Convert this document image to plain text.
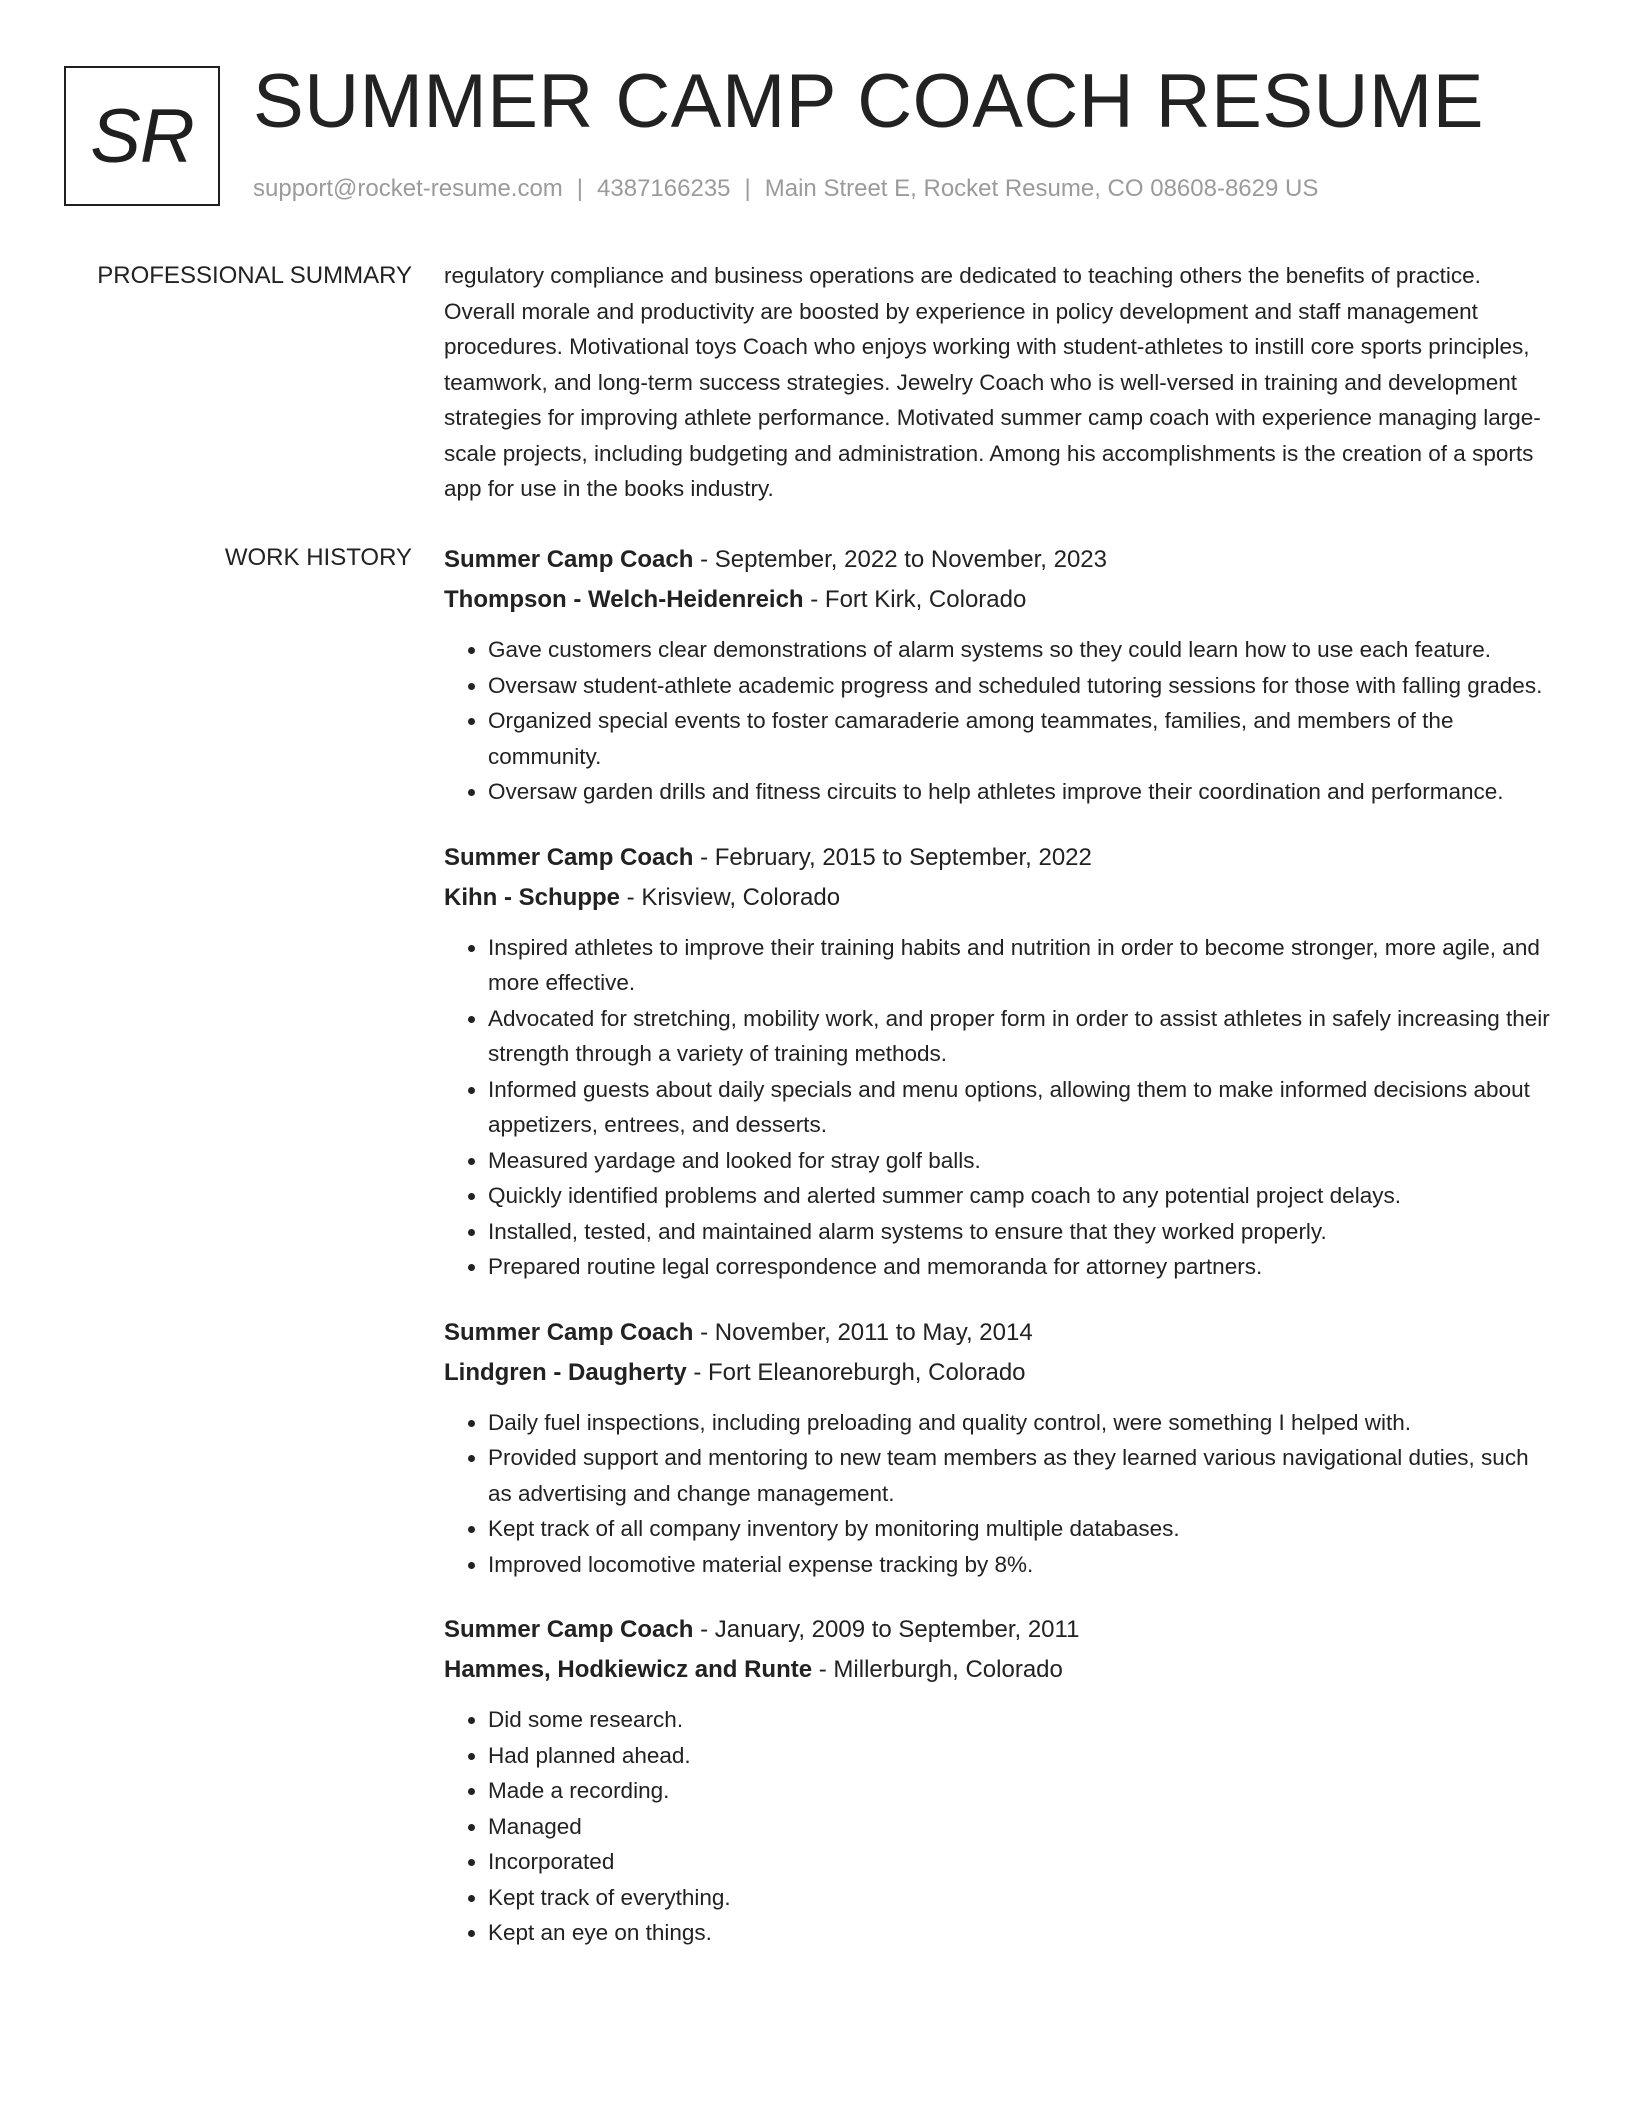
SR SUMMER CAMP COACH RESUME
support@rocket-resume.com | 4387166235 | Main Street E, Rocket Resume, CO 08608-8629 US
PROFESSIONAL SUMMARY regulatory compliance and business operations are dedicated to teaching others the benefits of practice. Overall morale and productivity are boosted by experience in policy development and staff management procedures. Motivational toys Coach who enjoys working with student-athletes to instill core sports principles, teamwork, and long-term success strategies. Jewelry Coach who is well-versed in training and development strategies for improving athlete performance. Motivated summer camp coach with experience managing large-scale projects, including budgeting and administration. Among his accomplishments is the creation of a sports app for use in the books industry.

WORK HISTORY Summer Camp Coach - September, 2022 to November, 2023
Thompson - Welch-Heidenreich - Fort Kirk, Colorado
• Gave customers clear demonstrations of alarm systems so they could learn how to use each feature.
• Oversaw student-athlete academic progress and scheduled tutoring sessions for those with falling grades.
• Organized special events to foster camaraderie among teammates, families, and members of the community.
• Oversaw garden drills and fitness circuits to help athletes improve their coordination and performance.
Summer Camp Coach - February, 2015 to September, 2022
Kihn - Schuppe - Krisview, Colorado
• Inspired athletes to improve their training habits and nutrition in order to become stronger, more agile, and more effective.
• Advocated for stretching, mobility work, and proper form in order to assist athletes in safely increasing their strength through a variety of training methods.
• Informed guests about daily specials and menu options, allowing them to make informed decisions about appetizers, entrees, and desserts.
• Measured yardage and looked for stray golf balls.
• Quickly identified problems and alerted summer camp coach to any potential project delays.
• Installed, tested, and maintained alarm systems to ensure that they worked properly.
• Prepared routine legal correspondence and memoranda for attorney partners.
Summer Camp Coach - November, 2011 to May, 2014
Lindgren - Daugherty - Fort Eleanoreburgh, Colorado
• Daily fuel inspections, including preloading and quality control, were something I helped with.
• Provided support and mentoring to new team members as they learned various navigational duties, such as advertising and change management.
• Kept track of all company inventory by monitoring multiple databases.
• Improved locomotive material expense tracking by 8%.
Summer Camp Coach - January, 2009 to September, 2011
Hammes, Hodkiewicz and Runte - Millerburgh, Colorado
• Did some research.
• Had planned ahead.
• Made a recording.
• Managed
• Incorporated
• Kept track of everything.
• Kept an eye on things.
